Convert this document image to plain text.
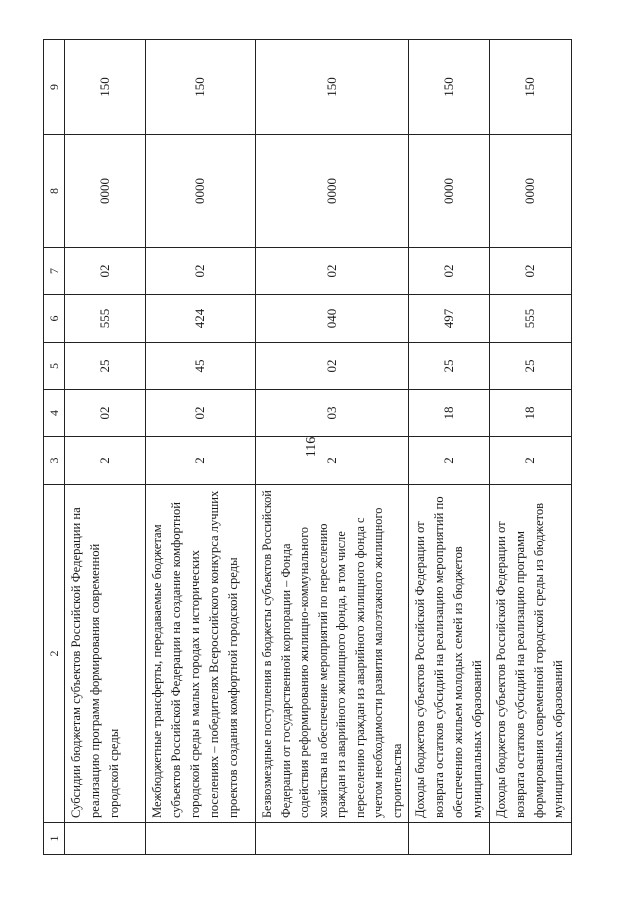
116
1	2	3	4	5	6	7	8	9
	Субсидии бюджетам субъектов Российской Федерации на реализацию программ формирования современной городской среды	2	02	25	555	02	0000	150
	Межбюджетные трансферты, передаваемые бюджетам субъектов Российской Федерации на создание комфортной городской среды в малых городах и исторических поселениях – победителях Всероссийского конкурса лучших проектов создания комфортной городской среды	2	02	45	424	02	0000	150
	Безвозмездные поступления в бюджеты субъектов Российской Федерации от государственной корпорации – Фонда содействия реформированию жилищно-коммунального хозяйства на обеспечение мероприятий по переселению граждан из аварийного жилищного фонда, в том числе переселению граждан из аварийного жилищного фонда с учетом необходимости развития малоэтажного жилищного строительства	2	03	02	040	02	0000	150
	Доходы бюджетов субъектов Российской Федерации от возврата остатков субсидий на реализацию мероприятий по обеспечению жильем молодых семей из бюджетов муниципальных образований	2	18	25	497	02	0000	150
	Доходы бюджетов субъектов Российской Федерации от возврата остатков субсидий на реализацию программ формирования современной городской среды из бюджетов муниципальных образований	2	18	25	555	02	0000	150
